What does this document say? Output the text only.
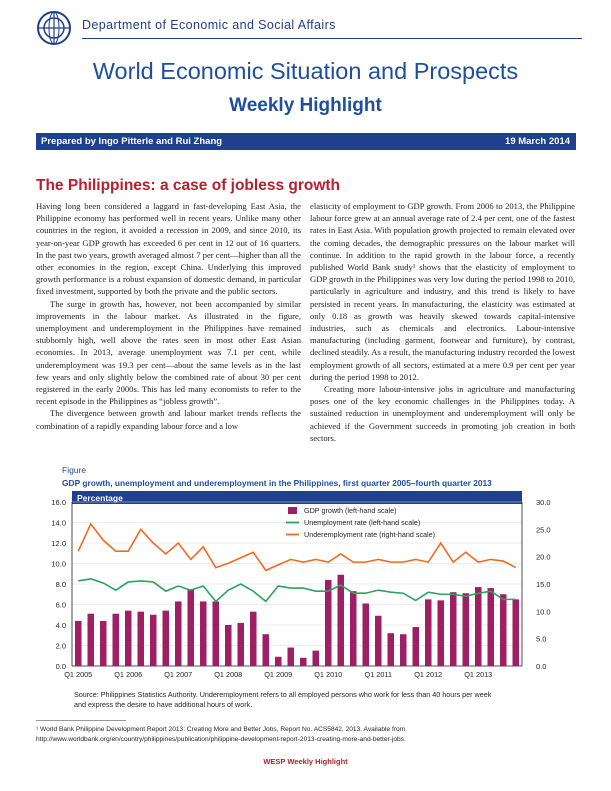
Department of Economic and Social Affairs
World Economic Situation and Prospects
Weekly Highlight
Prepared by Ingo Pitterle and Rui Zhang	19 March 2014
The Philippines: a case of jobless growth

Having long been considered a laggard in fast-developing East Asia, the Philippine economy has performed well in recent years. Unlike many other countries in the region, it avoided a recession in 2009, and since 2010, its year-on-year GDP growth has exceeded 6 per cent in 12 out of 16 quarters. In the past two years, growth averaged almost 7 per cent—higher than all the other economies in the region, except China. Underlying this improved growth performance is a robust expansion of domestic demand, in particular fixed investment, supported by both the private and the public sectors.

The surge in growth has, however, not been accompanied by similar improvements in the labour market. As illustrated in the figure, unemployment and underemployment in the Philippines have remained stubbornly high, well above the rates seen in most other East Asian economies. In 2013, average unemployment was 7.1 per cent, while underemployment was 19.3 per cent—about the same levels as in the last few years and only slightly below the combined rate of about 30 per cent registered in the early 2000s. This has led many economists to refer to the recent episode in the Philippines as “jobless growth”.

The divergence between growth and labour market trends reflects the combination of a rapidly expanding labour force and a low

elasticity of employment to GDP growth. From 2006 to 2013, the Philippine labour force grew at an annual average rate of 2.4 per cent, one of the fastest rates in East Asia. With population growth projected to remain elevated over the coming decades, the demographic pressures on the labour market will continue. In addition to the rapid growth in the labour force, a recently published World Bank study¹ shows that the elasticity of employment to GDP growth in the Philippines was very low during the period 1998 to 2010, particularly in agriculture and industry, and this trend is likely to have persisted in recent years. In manufacturing, the elasticity was estimated at only 0.18 as growth was heavily skewed towards capital-intensive industries, such as chemicals and electronics. Labour-intensive manufacturing (including garment, footwear and furniture), by contrast, declined steadily. As a result, the manufacturing industry recorded the lowest employment growth of all sectors, estimated at a mere 0.9 per cent per year during the period 1998 to 2012.

Creating more labour-intensive jobs in agriculture and manufacturing poses one of the key economic challenges in the Philippines today. A sustained reduction in unemployment and underemployment will only be achieved if the Government succeeds in promoting job creation in both sectors.

Figure
GDP growth, unemployment and underemployment in the Philippines, first quarter 2005–fourth quarter 2013
Percentage
16.0
14.0
12.0
10.0
8.0
6.0
4.0
2.0
0.0
30.0
25.0
20.0
15.0
10.0
5.0
0.0
Q1 2005	Q1 2006	Q1 2007	Q1 2008	Q1 2009	Q1 2010	Q1 2011	Q1 2012	Q1 2013
GDP growth (left-hand scale)
Unemployment rate (left-hand scale)
Underemployment rate (right-hand scale)
Source: Philippines Statistics Authority. Underemployment refers to all employed persons who work for less than 40 hours per week and express the desire to have additional hours of work.
¹ World Bank Philippine Development Report 2013: Creating More and Better Jobs, Report No. ACS5842, 2013. Available from http://www.worldbank.org/en/country/philippines/publication/philippine-development-report-2013-creating-more-and-better-jobs.
WESP Weekly Highlight
